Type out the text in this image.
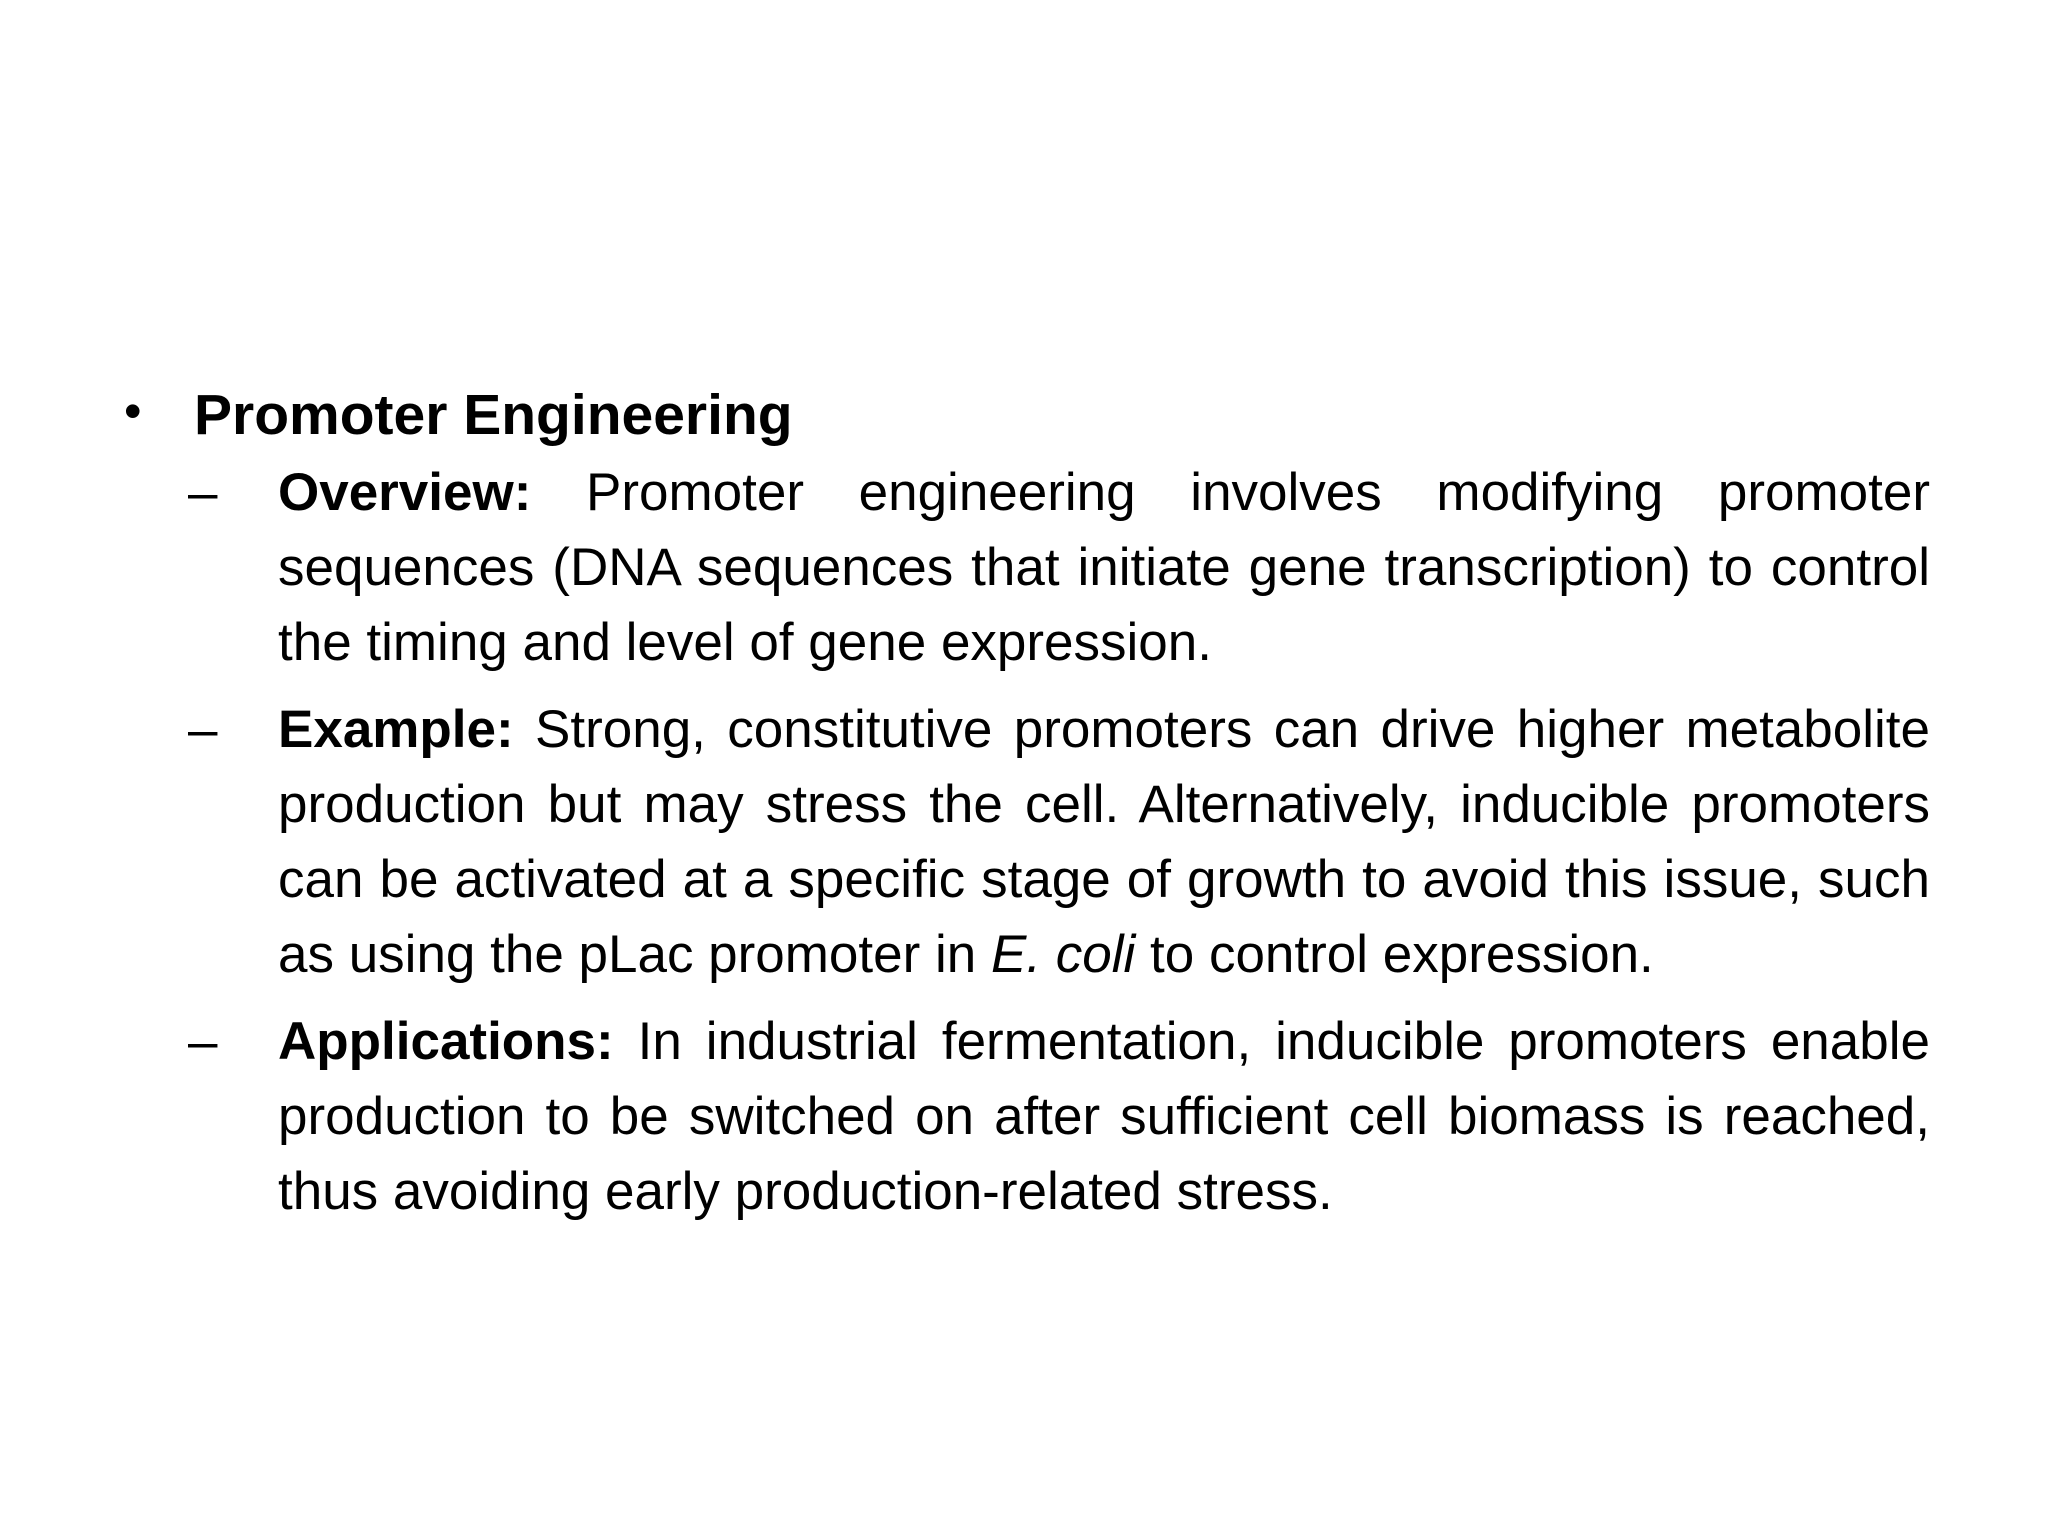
• Promoter Engineering
– Overview: Promoter engineering involves modifying promoter sequences (DNA sequences that initiate gene transcription) to control the timing and level of gene expression.
– Example: Strong, constitutive promoters can drive higher metabolite production but may stress the cell. Alternatively, inducible promoters can be activated at a specific stage of growth to avoid this issue, such as using the pLac promoter in E. coli to control expression.
– Applications: In industrial fermentation, inducible promoters enable production to be switched on after sufficient cell biomass is reached, thus avoiding early production-related stress.
